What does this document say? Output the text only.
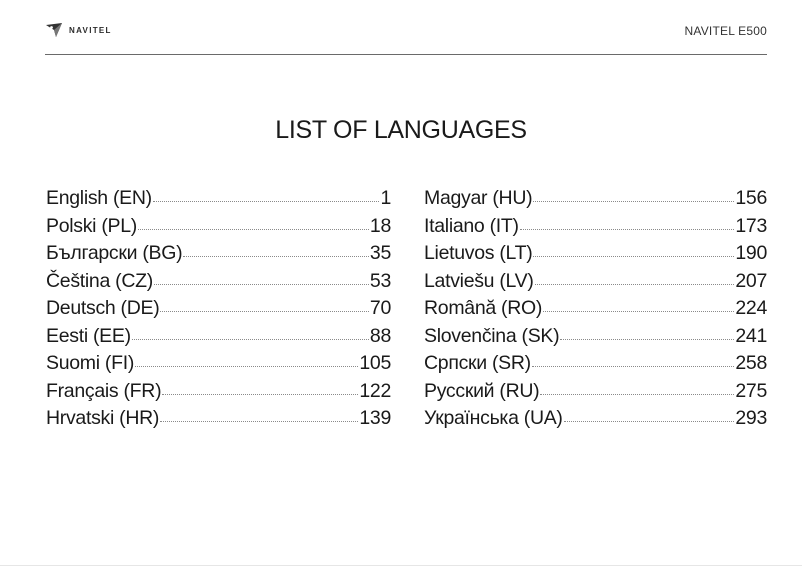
NAVITEL	NAVITEL E500
LIST OF LANGUAGES
English (EN)	1
Polski (PL)	18
Български (BG)	35
Čeština (CZ)	53
Deutsch (DE)	70
Eesti (EE)	88
Suomi (FI)	105
Français (FR)	122
Hrvatski (HR)	139
Magyar (HU)	156
Italiano (IT)	173
Lietuvos (LT)	190
Latviešu (LV)	207
Română (RO)	224
Slovenčina (SK)	241
Српски (SR)	258
Русский (RU)	275
Українська (UA)	293
